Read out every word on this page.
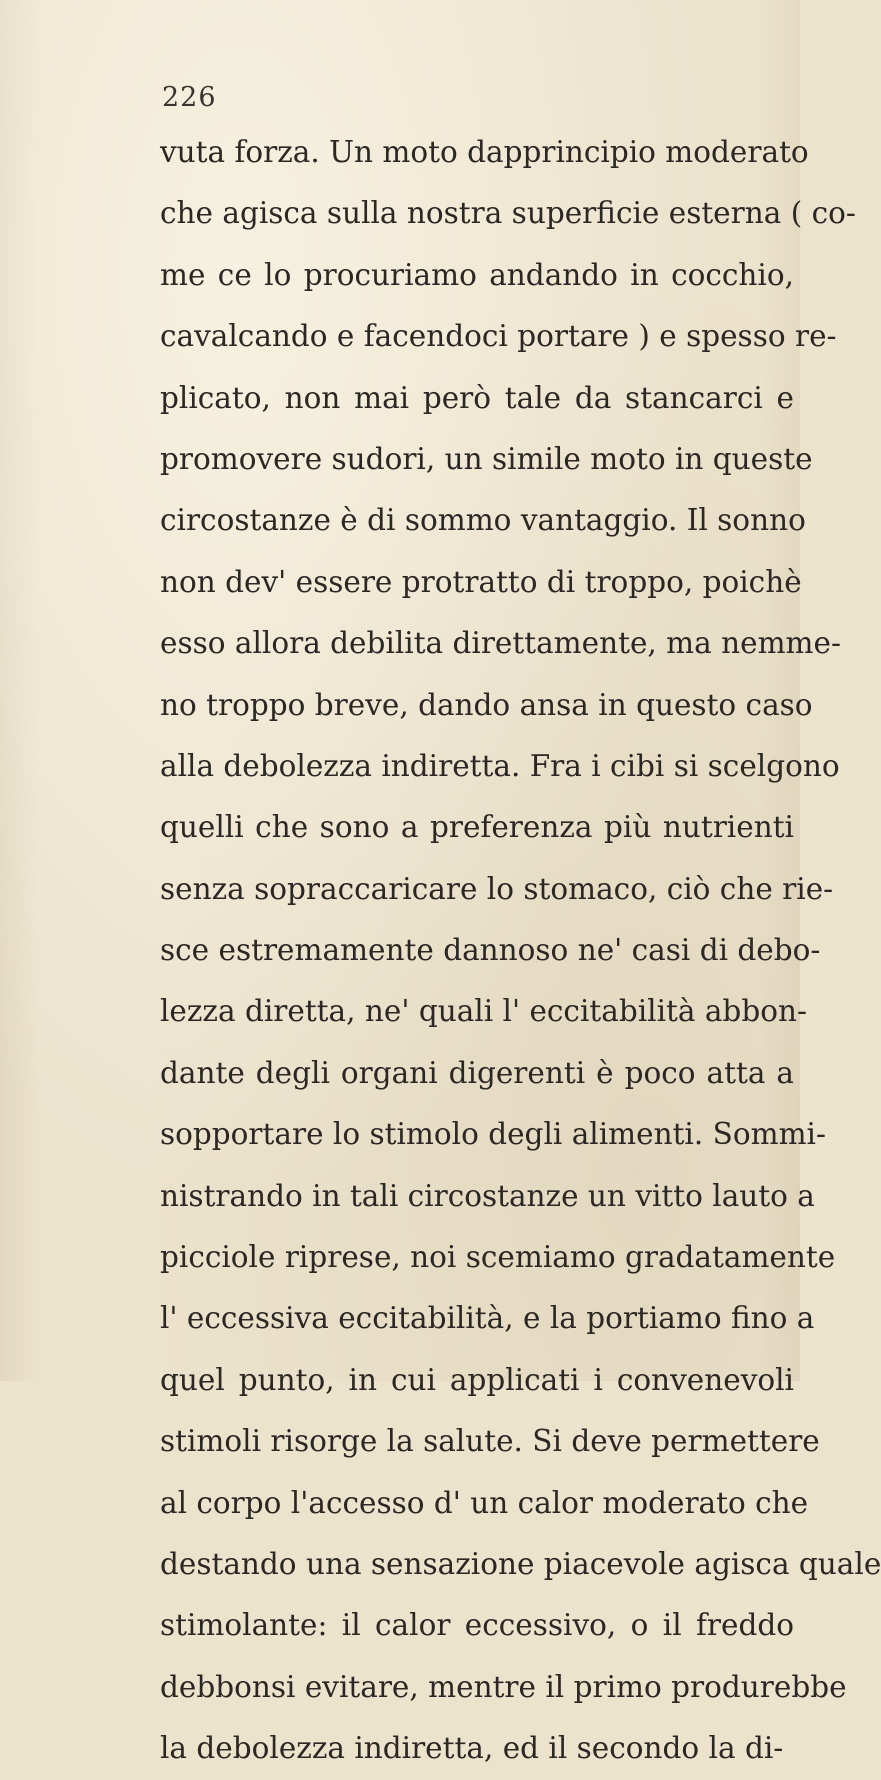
226
vuta forza. Un moto dapprincipio moderato
che agisca sulla nostra superficie esterna ( co-
me ce lo procuriamo andando in cocchio,
cavalcando e facendoci portare ) e spesso re-
plicato, non mai però tale da stancarci e
promovere sudori, un simile moto in queste
circostanze è di sommo vantaggio. Il sonno
non dev' essere protratto di troppo, poichè
esso allora debilita direttamente, ma nemme-
no troppo breve, dando ansa in questo caso
alla debolezza indiretta. Fra i cibi si scelgono
quelli che sono a preferenza più nutrienti
senza sopraccaricare lo stomaco, ciò che rie-
sce estremamente dannoso ne' casi di debo-
lezza diretta, ne' quali l' eccitabilità abbon-
dante degli organi digerenti è poco atta a
sopportare lo stimolo degli alimenti. Sommi-
nistrando in tali circostanze un vitto lauto a
picciole riprese, noi scemiamo gradatamente
l' eccessiva eccitabilità, e la portiamo fino a
quel punto, in cui applicati i convenevoli
stimoli risorge la salute. Si deve permettere
al corpo l'accesso d' un calor moderato che
destando una sensazione piacevole agisca quale
stimolante: il calor eccessivo, o il freddo
debbonsi evitare, mentre il primo produrebbe
la debolezza indiretta, ed il secondo la di-
